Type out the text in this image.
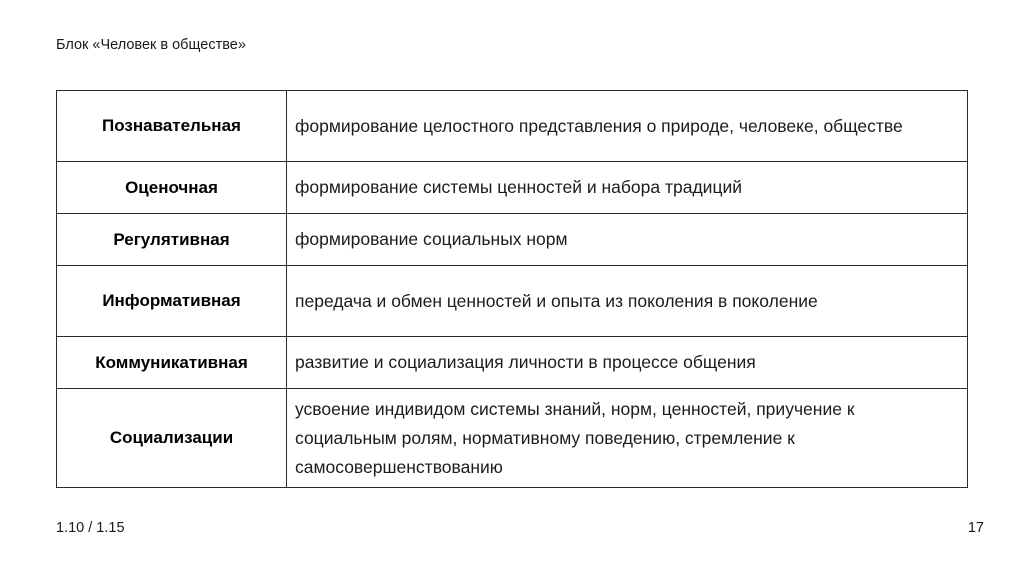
Блок «Человек в обществе»
Познавательная	формирование целостного представления о природе, человеке, обществе
Оценочная	формирование системы ценностей и набора традиций
Регулятивная	формирование социальных норм
Информативная	передача и обмен ценностей и опыта из поколения в поколение
Коммуникативная	развитие и социализация личности в процессе общения
Социализации	усвоение индивидом системы знаний, норм, ценностей, приучение к социальным ролям, нормативному поведению, стремление к самосовершенствованию
1.10 / 1.15	17
